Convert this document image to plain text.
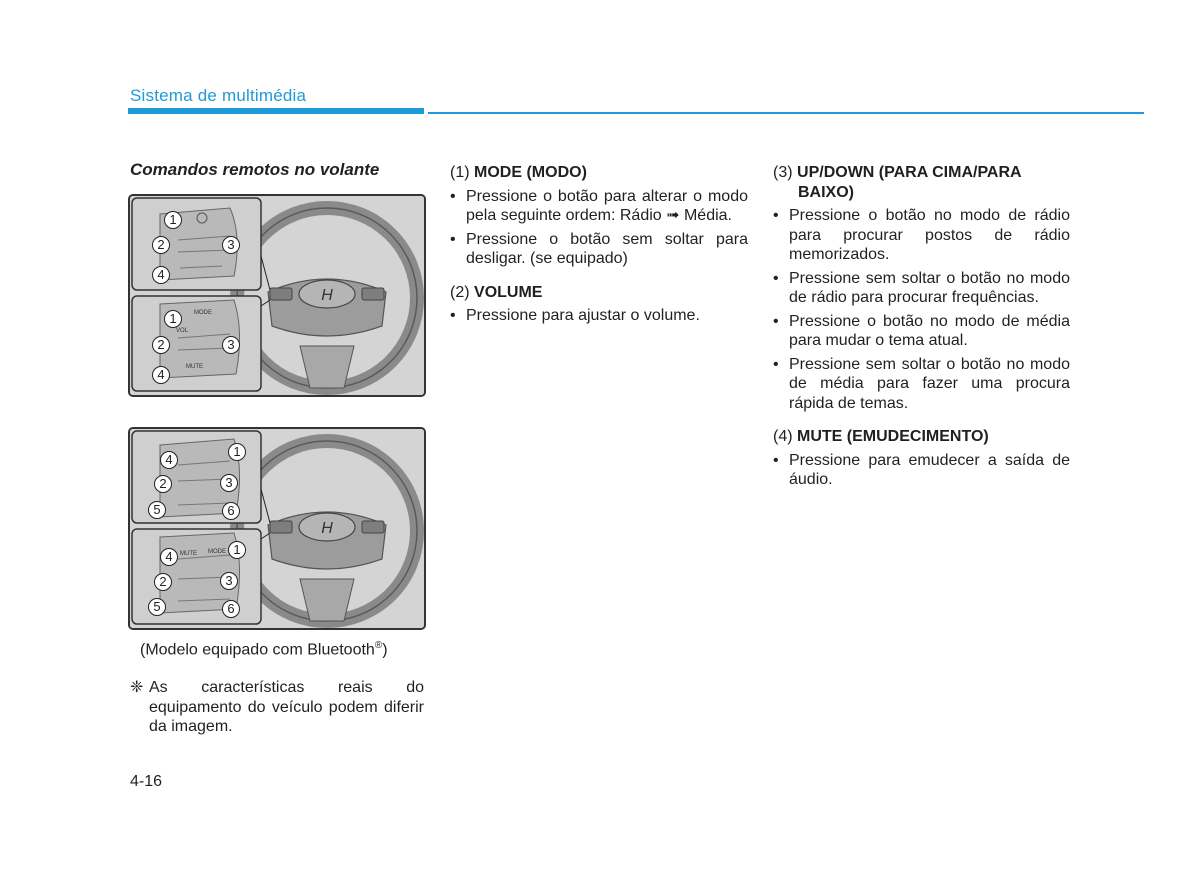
Sistema de multimédia
Comandos remotos no volante
H
1
2	3
4
1
2	3
4
MODE
VOL
MUTE
H
1
4
2	3
5	6
1
4
2	3
5	6
MUTE MODE
(Modelo equipado com Bluetooth®)
❈ As características reais do equipamento do veículo podem diferir da imagem.
(1) MODE (MODO)
• Pressione o botão para alterar o modo pela seguinte ordem: Rádio ➟ Média.
• Pressione o botão sem soltar para desligar. (se equipado)
(2) VOLUME
• Pressione para ajustar o volume.
(3) UP/DOWN (PARA CIMA/PARA BAIXO)
• Pressione o botão no modo de rádio para procurar postos de rádio memorizados.
• Pressione sem soltar o botão no modo de rádio para procurar frequências.
• Pressione o botão no modo de média para mudar o tema atual.
• Pressione sem soltar o botão no modo de média para fazer uma procura rápida de temas.
(4) MUTE (EMUDECIMENTO)
• Pressione para emudecer a saída de áudio.
4-16
